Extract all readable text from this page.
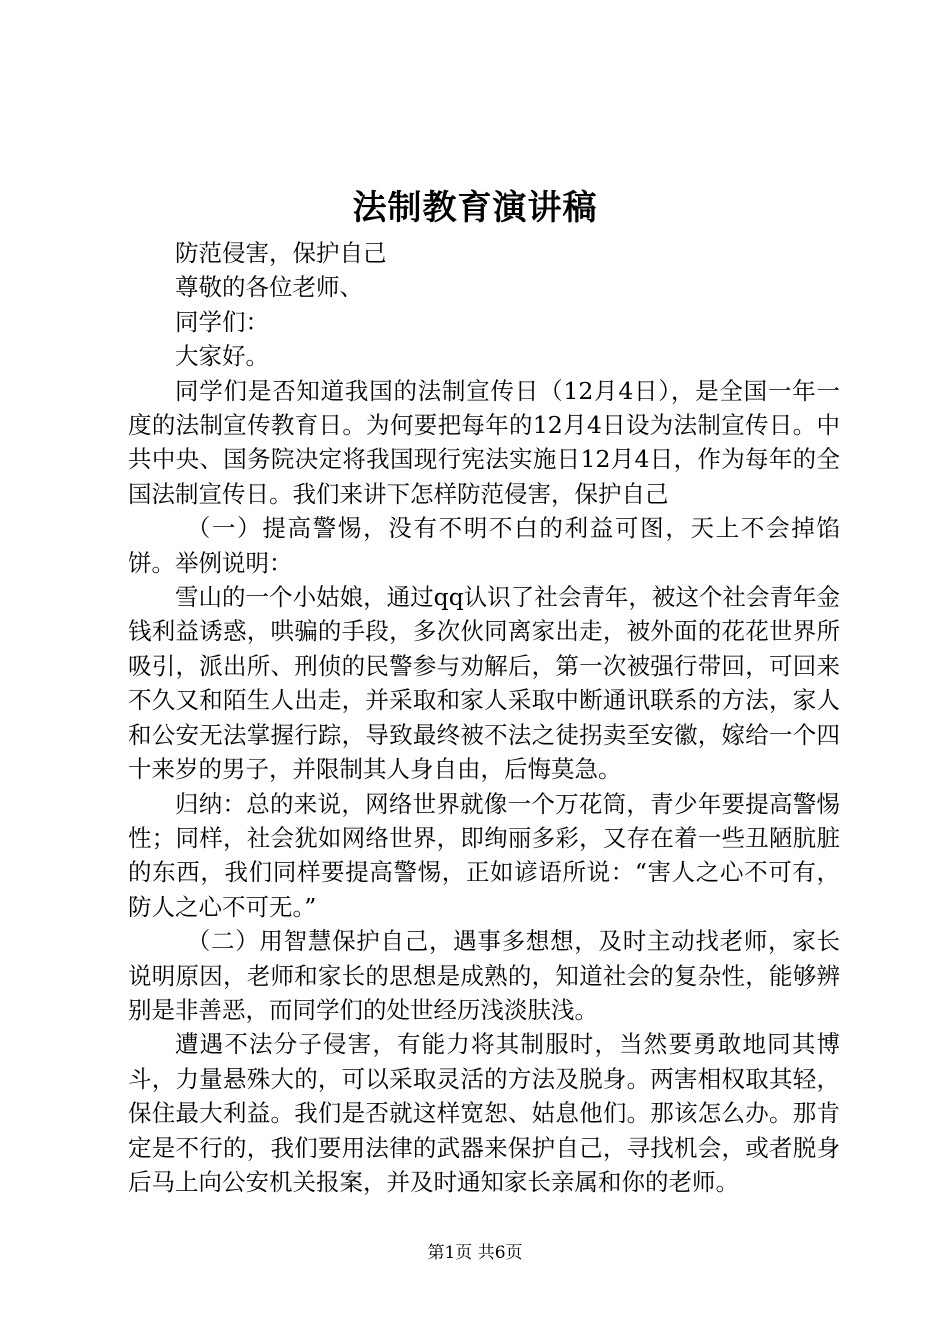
法制教育演讲稿

防范侵害，保护自己

尊敬的各位老师、

同学们：

大家好。

同学们是否知道我国的法制宣传日（12月4日），是全国一年一度的法制宣传教育日。为何要把每年的12月4日设为法制宣传日。中共中央、国务院决定将我国现行宪法实施日12月4日，作为每年的全国法制宣传日。我们来讲下怎样防范侵害，保护自己

（一）提高警惕，没有不明不白的利益可图，天上不会掉馅饼。举例说明：

雪山的一个小姑娘，通过qq认识了社会青年，被这个社会青年金钱利益诱惑，哄骗的手段，多次伙同离家出走，被外面的花花世界所吸引，派出所、刑侦的民警参与劝解后，第一次被强行带回，可回来不久又和陌生人出走，并采取和家人采取中断通讯联系的方法，家人和公安无法掌握行踪，导致最终被不法之徒拐卖至安徽，嫁给一个四十来岁的男子，并限制其人身自由，后悔莫急。

归纳：总的来说，网络世界就像一个万花筒，青少年要提高警惕性；同样，社会犹如网络世界，即绚丽多彩，又存在着一些丑陋肮脏的东西，我们同样要提高警惕，正如谚语所说：“害人之心不可有，防人之心不可无。”

（二）用智慧保护自己，遇事多想想，及时主动找老师，家长说明原因，老师和家长的思想是成熟的，知道社会的复杂性，能够辨别是非善恶，而同学们的处世经历浅淡肤浅。

遭遇不法分子侵害，有能力将其制服时，当然要勇敢地同其博斗，力量悬殊大的，可以采取灵活的方法及脱身。两害相权取其轻，保住最大利益。我们是否就这样宽恕、姑息他们。那该怎么办。那肯定是不行的，我们要用法律的武器来保护自己，寻找机会，或者脱身后马上向公安机关报案，并及时通知家长亲属和你的老师。

第1页 共6页
